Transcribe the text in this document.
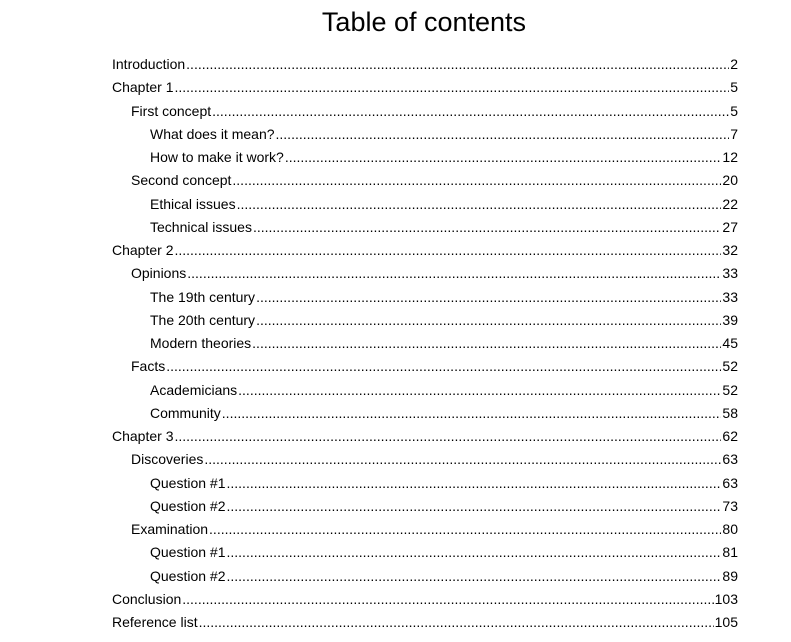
Table of contents
Introduction .....	2
Chapter 1 .....	5
First concept .....	5
What does it mean? .....	7
How to make it work? .....	12
Second concept .....	20
Ethical issues .....	22
Technical issues .....	27
Chapter 2 .....	32
Opinions .....	33
The 19th century .....	33
The 20th century .....	39
Modern theories .....	45
Facts .....	52
Academicians .....	52
Community .....	58
Chapter 3 .....	62
Discoveries .....	63
Question #1 .....	63
Question #2 .....	73
Examination .....	80
Question #1 .....	81
Question #2 .....	89
Conclusion .....	103
Reference list .....	105
